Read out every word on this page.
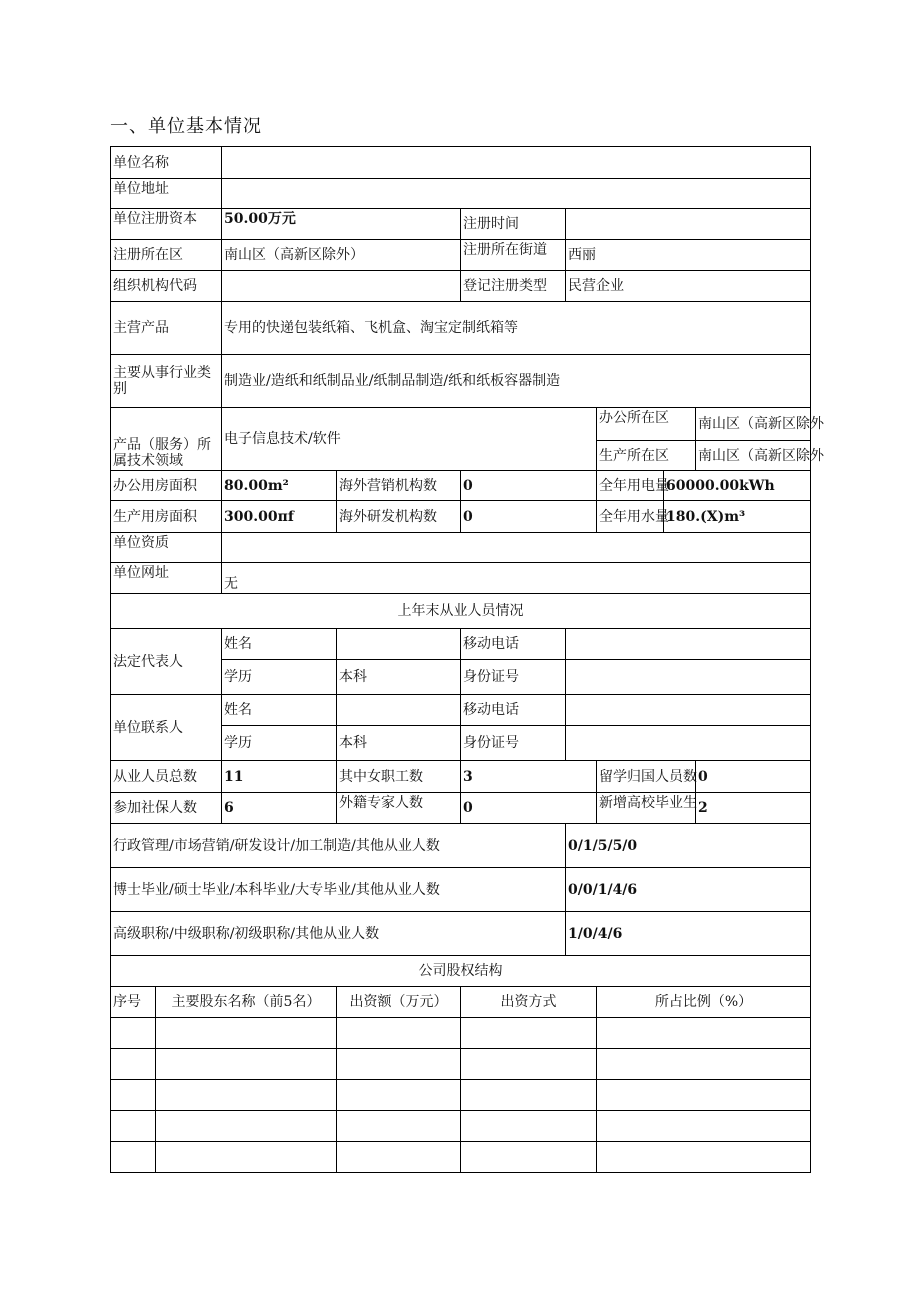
一、单位基本情况
单位名称								
单位地址								
单位注册资本		50.00万元		注册时间				
注册所在区		南山区（高新区除外）		注册所在街道	西丽			
组织机构代码				登记注册类型	民营企业			
主营产品		专用的快递包装纸箱、飞机盒、淘宝定制纸箱等						
主要从事行业类别		制造业/造纸和纸制品业/纸制品制造/纸和纸板容器制造						
产品（服务）所属技术领域		电子信息技术/软件				办公所在区		南山区（高新区除外
						生产所在区		南山区（高新区除外
办公用房面积		80.00m²	海外营销机构数	0		全年用电量	60000.00kWh	
生产用房面积		300.00πf	海外研发机构数	0		全年用水量	180.(X)m³	
单位资质								
单位网址		无						
上年末从业人员情况								
法定代表人		姓名		移动电话				
		学历	本科	身份证号				
单位联系人		姓名		移动电话				
		学历	本科	身份证号				
从业人员总数		11	其中女职工数	3		留学归国人员数		0
参加社保人数		6	外籍专家人数	0		新增高校毕业生		2
行政管理/市场营销/研发设计/加工制造/其他从业人数					0/1/5/5/0			
博士毕业/硕士毕业/本科毕业/大专毕业/其他从业人数					0/0/1/4/6			
高级职称/中级职称/初级职称/其他从业人数					1/0/4/6			
公司股权结构								
序号	主要股东名称（前5名）		出资额（万元）	出资方式		所占比例（%）		
